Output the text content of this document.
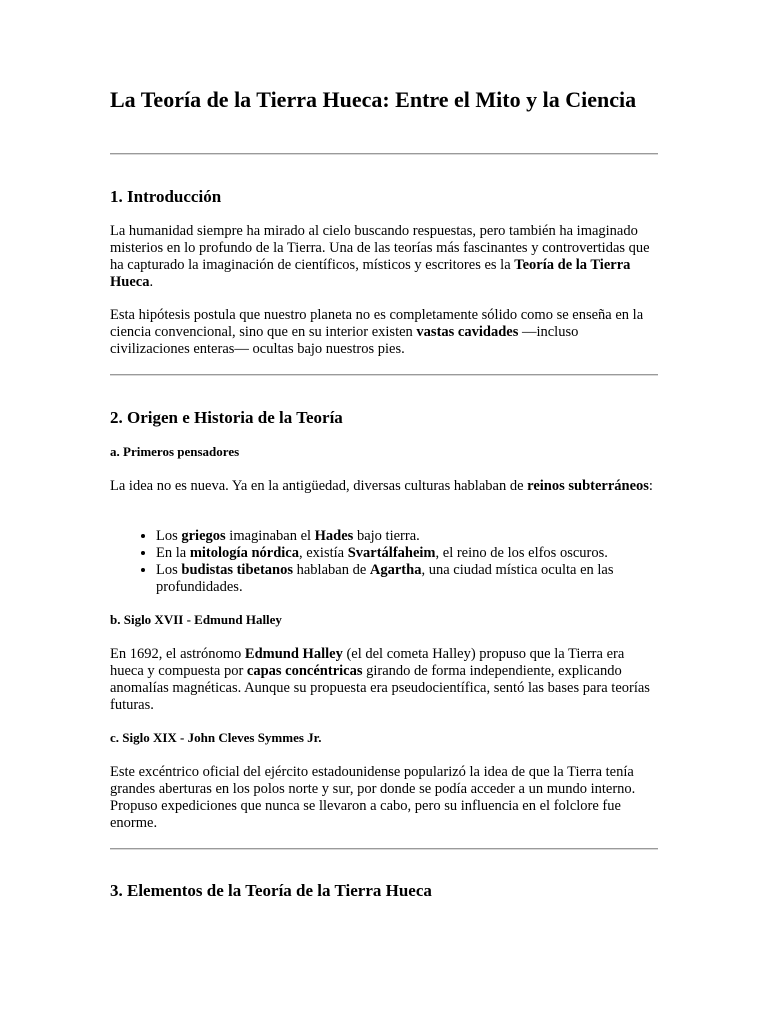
La Teoría de la Tierra Hueca: Entre el Mito y la Ciencia
1. Introducción

La humanidad siempre ha mirado al cielo buscando respuestas, pero también ha imaginado misterios en lo profundo de la Tierra. Una de las teorías más fascinantes y controvertidas que ha capturado la imaginación de científicos, místicos y escritores es la Teoría de la Tierra Hueca.

Esta hipótesis postula que nuestro planeta no es completamente sólido como se enseña en la ciencia convencional, sino que en su interior existen vastas cavidades —incluso civilizaciones enteras— ocultas bajo nuestros pies.

2. Origen e Historia de la Teoría
a. Primeros pensadores

La idea no es nueva. Ya en la antigüedad, diversas culturas hablaban de reinos subterráneos:

• Los griegos imaginaban el Hades bajo tierra.
• En la mitología nórdica, existía Svartálfaheim, el reino de los elfos oscuros.
• Los budistas tibetanos hablaban de Agartha, una ciudad mística oculta en las profundidades.
b. Siglo XVII - Edmund Halley

En 1692, el astrónomo Edmund Halley (el del cometa Halley) propuso que la Tierra era hueca y compuesta por capas concéntricas girando de forma independiente, explicando anomalías magnéticas. Aunque su propuesta era pseudocientífica, sentó las bases para teorías futuras.

c. Siglo XIX - John Cleves Symmes Jr.

Este excéntrico oficial del ejército estadounidense popularizó la idea de que la Tierra tenía grandes aberturas en los polos norte y sur, por donde se podía acceder a un mundo interno. Propuso expediciones que nunca se llevaron a cabo, pero su influencia en el folclore fue enorme.

3. Elementos de la Teoría de la Tierra Hueca
